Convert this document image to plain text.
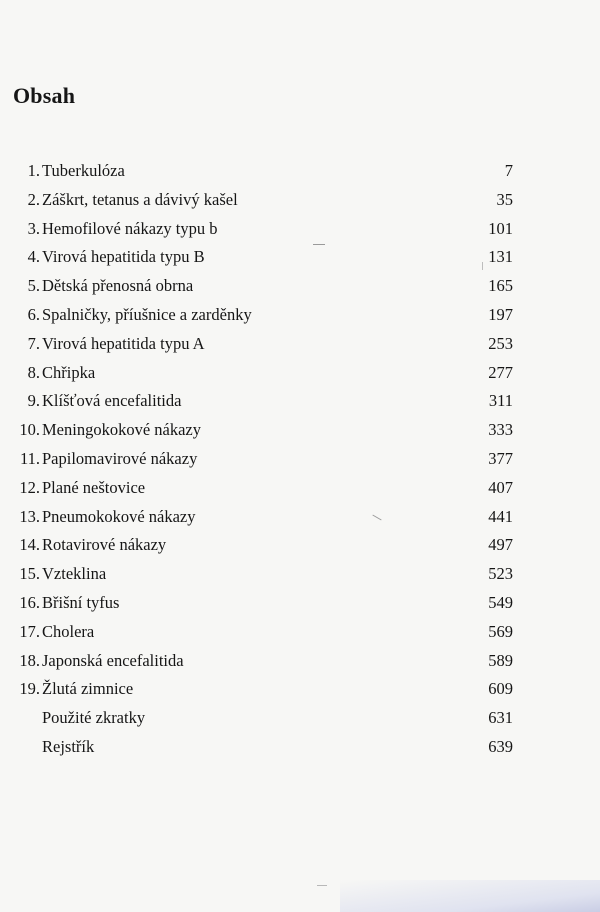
Obsah
1. Tuberkulóza	7
2. Záškrt, tetanus a dávivý kašel	35
3. Hemofilové nákazy typu b	101
4. Virová hepatitida typu B	131
5. Dětská přenosná obrna	165
6. Spalničky, příušnice a zarděnky	197
7. Virová hepatitida typu A	253
8. Chřipka	277
9. Klíšťová encefalitida	311
10. Meningokokové nákazy	333
11. Papilomavirové nákazy	377
12. Plané neštovice	407
13. Pneumokokové nákazy	441
14. Rotavirové nákazy	497
15. Vzteklina	523
16. Břišní tyfus	549
17. Cholera	569
18. Japonská encefalitida	589
19. Žlutá zimnice	609
Použité zkratky	631
Rejstřík	639
